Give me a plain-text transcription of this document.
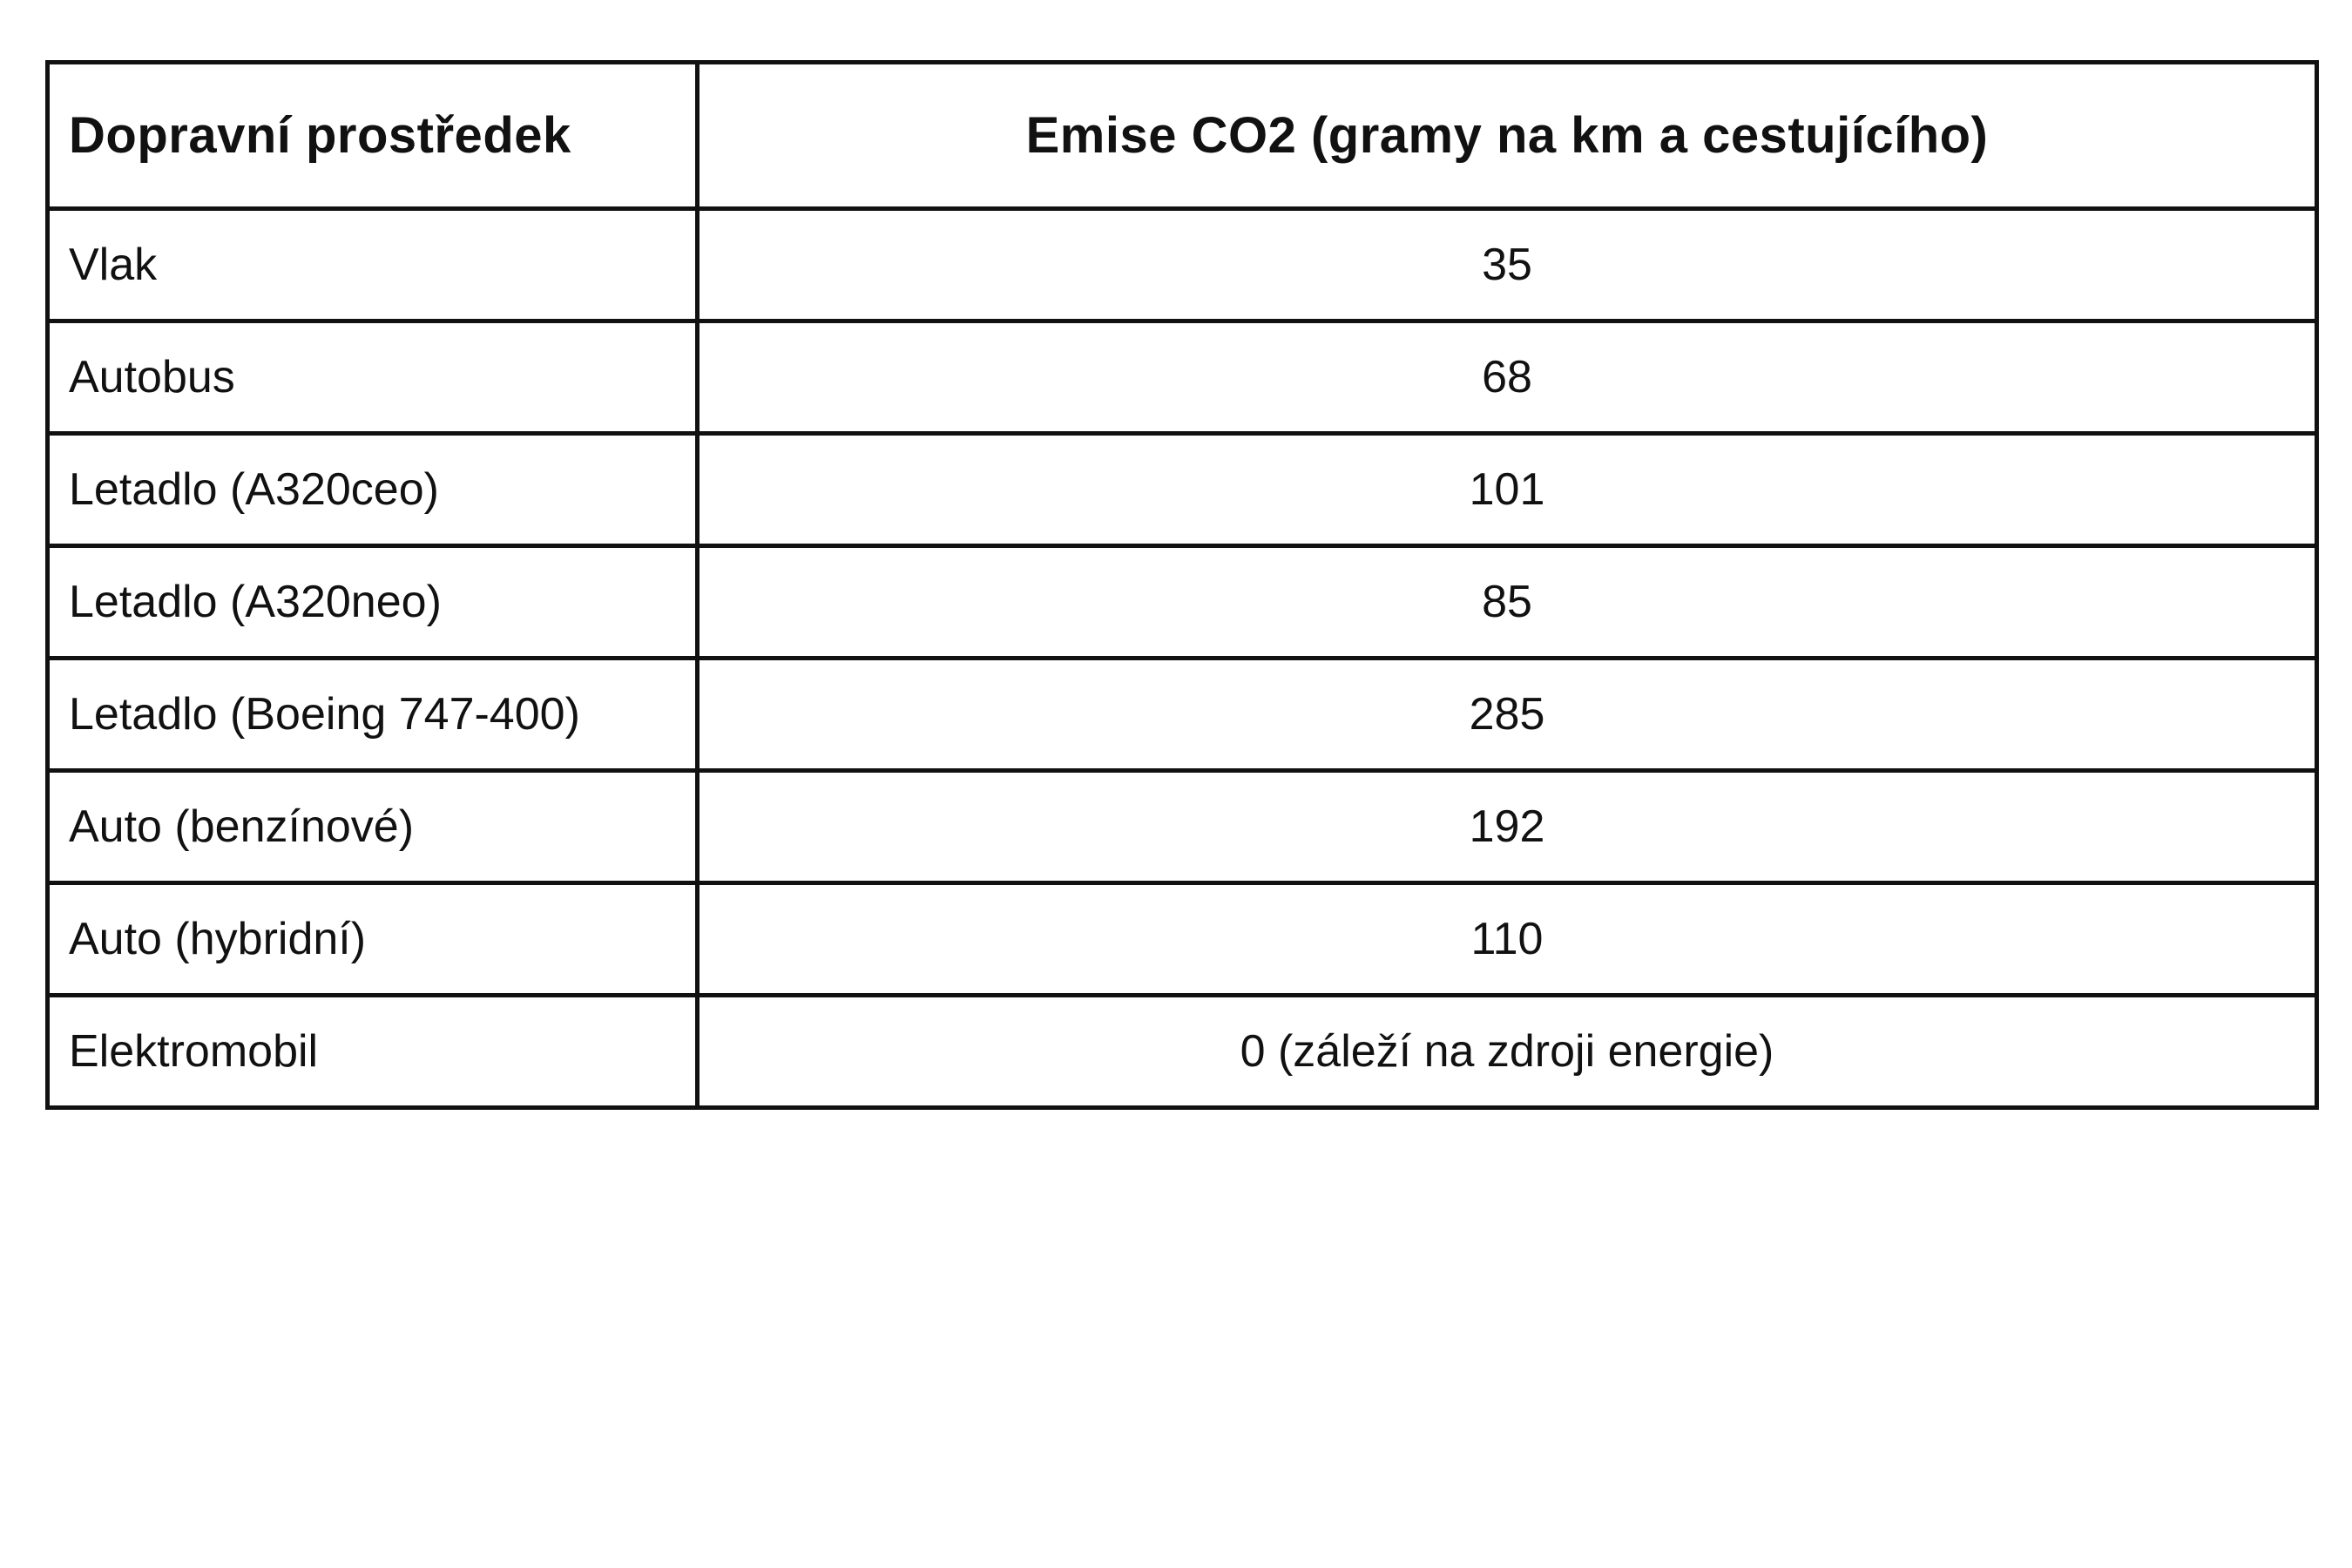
Dopravní prostředek	Emise CO2 (gramy na km a cestujícího)
Vlak	35
Autobus	68
Letadlo (A320ceo)	101
Letadlo (A320neo)	85
Letadlo (Boeing 747-400)	285
Auto (benzínové)	192
Auto (hybridní)	110
Elektromobil	0 (záleží na zdroji energie)
